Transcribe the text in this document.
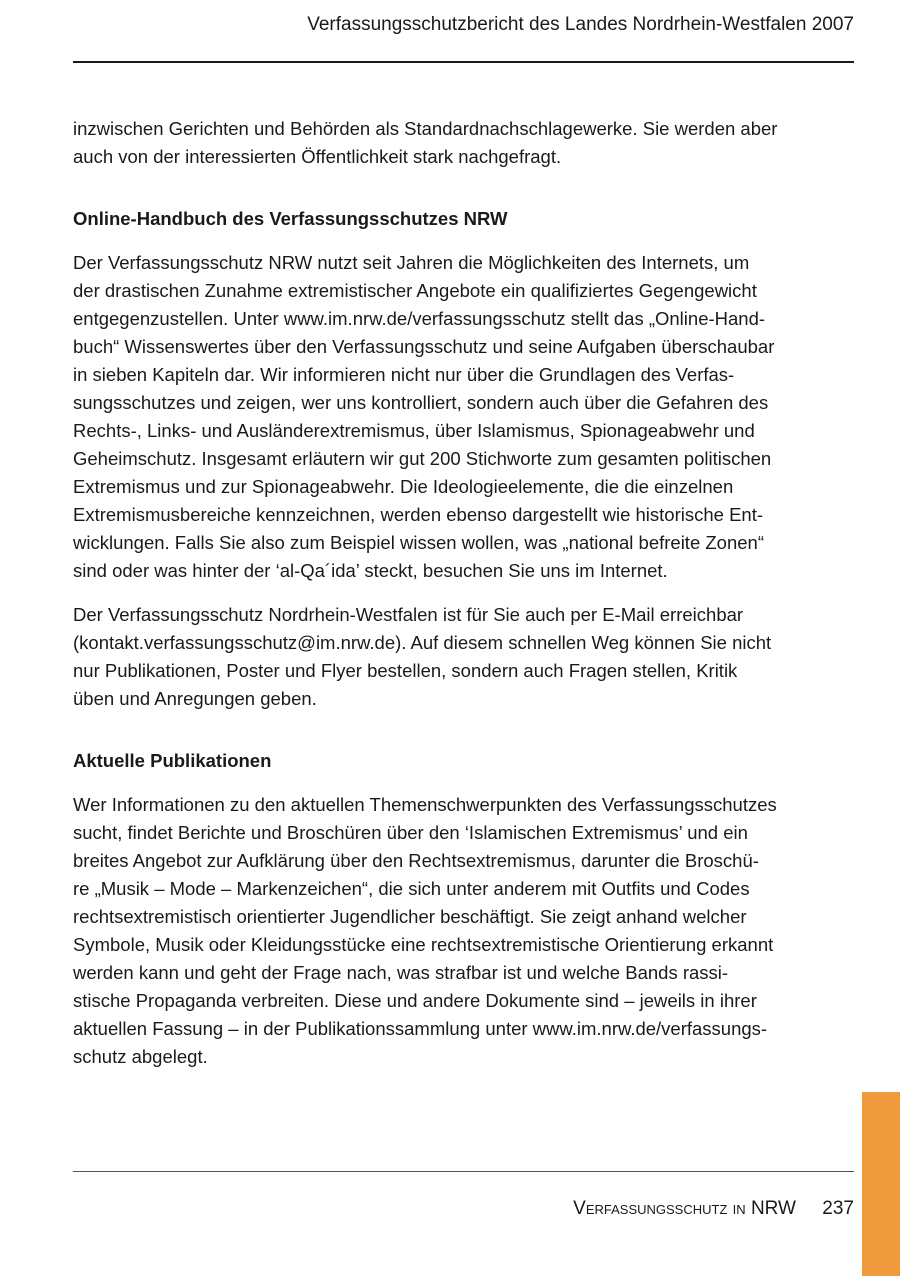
Verfassungsschutzbericht des Landes Nordrhein-Westfalen 2007

inzwischen Gerichten und Behörden als Standardnachschlagewerke. Sie werden aber
auch von der interessierten Öffentlichkeit stark nachgefragt.

Online-Handbuch des Verfassungsschutzes NRW

Der Verfassungsschutz NRW nutzt seit Jahren die Möglichkeiten des Internets, um
der drastischen Zunahme extremistischer Angebote ein qualifiziertes Gegengewicht
entgegenzustellen. Unter www.im.nrw.de/verfassungsschutz stellt das „Online-Hand-
buch“ Wissenswertes über den Verfassungsschutz und seine Aufgaben überschaubar
in sieben Kapiteln dar. Wir informieren nicht nur über die Grundlagen des Verfas-
sungsschutzes und zeigen, wer uns kontrolliert, sondern auch über die Gefahren des
Rechts-, Links- und Ausländerextremismus, über Islamismus, Spionageabwehr und
Geheimschutz. Insgesamt erläutern wir gut 200 Stichworte zum gesamten politischen
Extremismus und zur Spionageabwehr. Die Ideologieelemente, die die einzelnen
Extremismusbereiche kennzeichnen, werden ebenso dargestellt wie historische Ent-
wicklungen. Falls Sie also zum Beispiel wissen wollen, was „national befreite Zonen“
sind oder was hinter der ‘al-Qa´ida’ steckt, besuchen Sie uns im Internet.

Der Verfassungsschutz Nordrhein-Westfalen ist für Sie auch per E-Mail erreichbar
(kontakt.verfassungsschutz@im.nrw.de). Auf diesem schnellen Weg können Sie nicht
nur Publikationen, Poster und Flyer bestellen, sondern auch Fragen stellen, Kritik
üben und Anregungen geben.

Aktuelle Publikationen

Wer Informationen zu den aktuellen Themenschwerpunkten des Verfassungsschutzes
sucht, findet Berichte und Broschüren über den ‘Islamischen Extremismus’ und ein
breites Angebot zur Aufklärung über den Rechtsextremismus, darunter die Broschü-
re „Musik – Mode – Markenzeichen“, die sich unter anderem mit Outfits und Codes
rechtsextremistisch orientierter Jugendlicher beschäftigt. Sie zeigt anhand welcher
Symbole, Musik oder Kleidungsstücke eine rechtsextremistische Orientierung erkannt
werden kann und geht der Frage nach, was strafbar ist und welche Bands rassi-
stische Propaganda verbreiten. Diese und andere Dokumente sind – jeweils in ihrer
aktuellen Fassung – in der Publikationssammlung unter www.im.nrw.de/verfassungs-
schutz abgelegt.

Verfassungsschutz in NRW 237
